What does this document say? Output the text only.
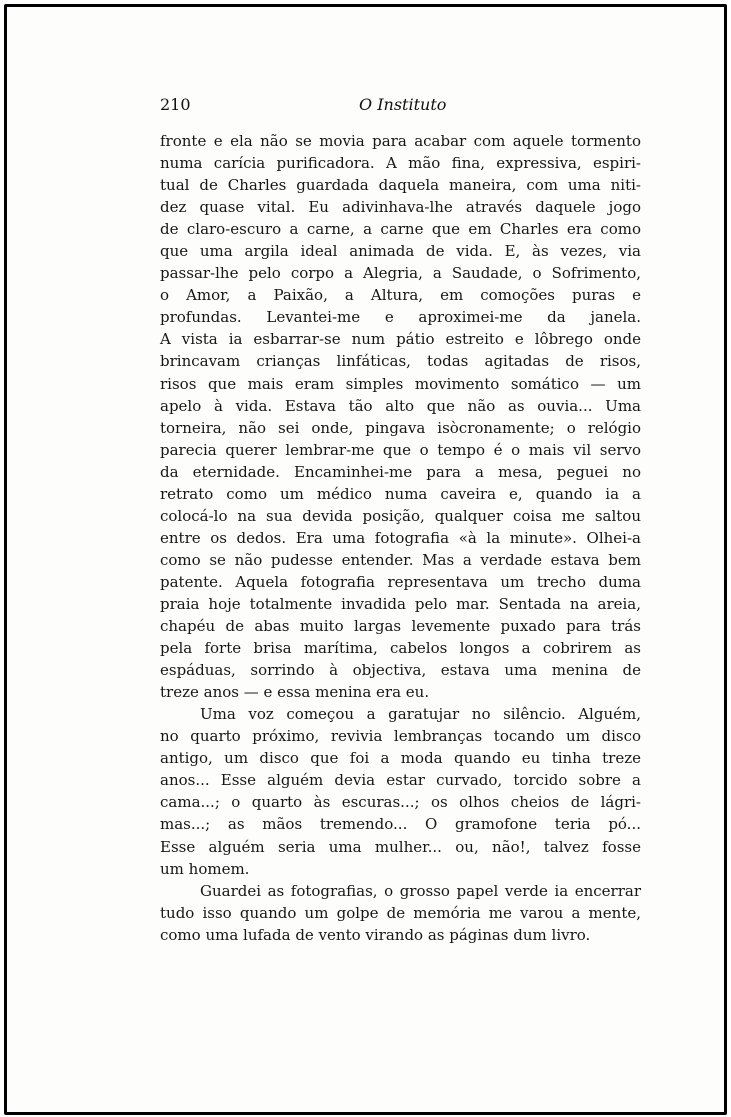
210	O Instituto
fronte e ela não se movia para acabar com aquele tormento
numa carícia purificadora. A mão fina, expressiva, espiri-
tual de Charles guardada daquela maneira, com uma niti-
dez quase vital. Eu adivinhava-lhe através daquele jogo
de claro-escuro a carne, a carne que em Charles era como
que uma argila ideal animada de vida. E, às vezes, via
passar-lhe pelo corpo a Alegria, a Saudade, o Sofrimento,
o Amor, a Paixão, a Altura, em comoções puras e
profundas. Levantei-me e aproximei-me da janela.
A vista ia esbarrar-se num pátio estreito e lôbrego onde
brincavam crianças linfáticas, todas agitadas de risos,
risos que mais eram simples movimento somático — um
apelo à vida. Estava tão alto que não as ouvia... Uma
torneira, não sei onde, pingava isòcronamente; o relógio
parecia querer lembrar-me que o tempo é o mais vil servo
da eternidade. Encaminhei-me para a mesa, peguei no
retrato como um médico numa caveira e, quando ia a
colocá-lo na sua devida posição, qualquer coisa me saltou
entre os dedos. Era uma fotografia «à la minute». Olhei-a
como se não pudesse entender. Mas a verdade estava bem
patente. Aquela fotografia representava um trecho duma
praia hoje totalmente invadida pelo mar. Sentada na areia,
chapéu de abas muito largas levemente puxado para trás
pela forte brisa marítima, cabelos longos a cobrirem as
espáduas, sorrindo à objectiva, estava uma menina de
treze anos — e essa menina era eu.
Uma voz começou a garatujar no silêncio. Alguém,
no quarto próximo, revivia lembranças tocando um disco
antigo, um disco que foi a moda quando eu tinha treze
anos... Esse alguém devia estar curvado, torcido sobre a
cama...; o quarto às escuras...; os olhos cheios de lágri-
mas...; as mãos tremendo... O gramofone teria pó...
Esse alguém seria uma mulher... ou, não!, talvez fosse
um homem.
Guardei as fotografias, o grosso papel verde ia encerrar
tudo isso quando um golpe de memória me varou a mente,
como uma lufada de vento virando as páginas dum livro.
